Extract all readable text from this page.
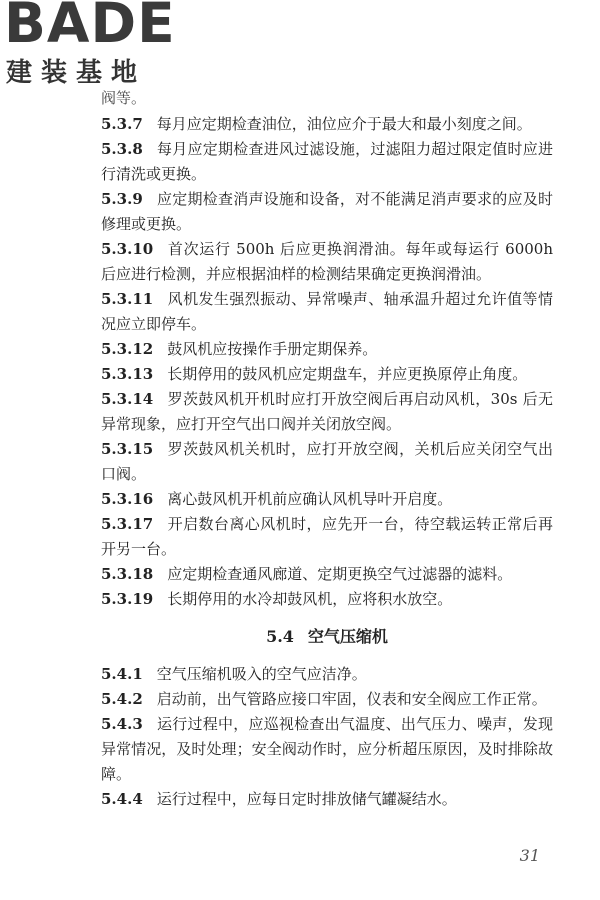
BADE
建装基地

阀等。

5.3.7 每月应定期检查油位，油位应介于最大和最小刻度之间。

5.3.8 每月应定期检查进风过滤设施，过滤阻力超过限定值时应进行清洗或更换。

5.3.9 应定期检查消声设施和设备，对不能满足消声要求的应及时修理或更换。

5.3.10 首次运行 500h 后应更换润滑油。每年或每运行 6000h 后应进行检测，并应根据油样的检测结果确定更换润滑油。

5.3.11 风机发生强烈振动、异常噪声、轴承温升超过允许值等情况应立即停车。

5.3.12 鼓风机应按操作手册定期保养。

5.3.13 长期停用的鼓风机应定期盘车，并应更换原停止角度。

5.3.14 罗茨鼓风机开机时应打开放空阀后再启动风机，30s 后无异常现象，应打开空气出口阀并关闭放空阀。

5.3.15 罗茨鼓风机关机时，应打开放空阀，关机后应关闭空气出口阀。

5.3.16 离心鼓风机开机前应确认风机导叶开启度。

5.3.17 开启数台离心风机时，应先开一台，待空载运转正常后再开另一台。

5.3.18 应定期检查通风廊道、定期更换空气过滤器的滤料。

5.3.19 长期停用的水冷却鼓风机，应将积水放空。

5.4 空气压缩机

5.4.1 空气压缩机吸入的空气应洁净。

5.4.2 启动前，出气管路应接口牢固，仪表和安全阀应工作正常。

5.4.3 运行过程中，应巡视检查出气温度、出气压力、噪声，发现异常情况，及时处理；安全阀动作时，应分析超压原因，及时排除故障。

5.4.4 运行过程中，应每日定时排放储气罐凝结水。

31
